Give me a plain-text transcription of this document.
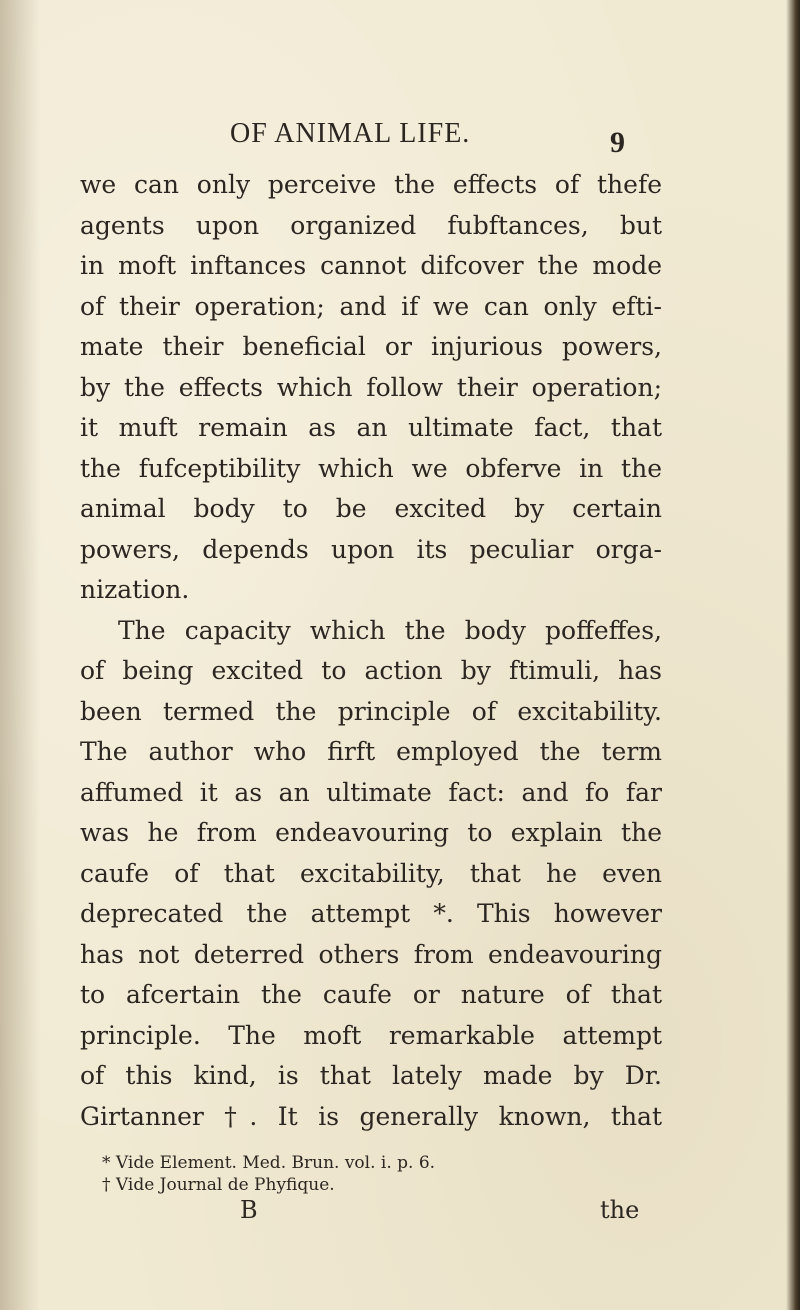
OF ANIMAL LIFE.	9
we can only perceive the effects of thefe
agents upon organized fubftances, but
in moft inftances cannot difcover the mode
of their operation; and if we can only efti-
mate their beneficial or injurious powers,
by the effects which follow their operation;
it muft remain as an ultimate fact, that
the fufceptibility which we obferve in the
animal body to be excited by certain
powers, depends upon its peculiar orga-
nization.
The capacity which the body poffeffes,
of being excited to action by ftimuli, has
been termed the principle of excitability.
The author who firft employed the term
affumed it as an ultimate fact: and fo far
was he from endeavouring to explain the
caufe of that excitability, that he even
deprecated the attempt *. This however
has not deterred others from endeavouring
to afcertain the caufe or nature of that
principle. The moft remarkable attempt
of this kind, is that lately made by Dr.
Girtanner †. It is generally known, that
* Vide Element. Med. Brun. vol. i. p. 6.
† Vide Journal de Phyfique.
B	the
